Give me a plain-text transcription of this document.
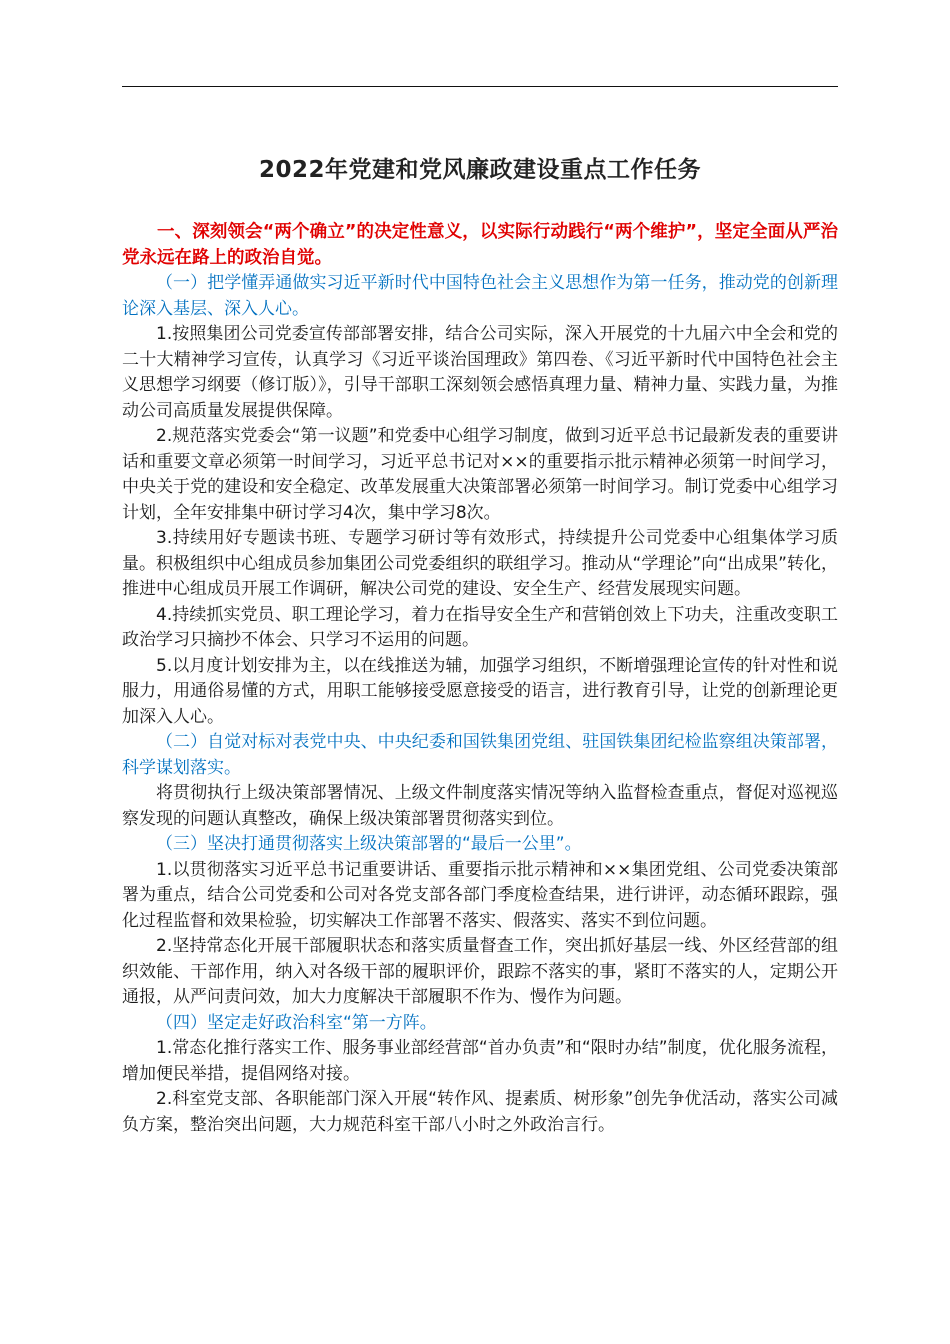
2022年党建和党风廉政建设重点工作任务

一、深刻领会“两个确立”的决定性意义，以实际行动践行“两个维护”，坚定全面从严治党永远在路上的政治自觉。

（一）把学懂弄通做实习近平新时代中国特色社会主义思想作为第一任务，推动党的创新理论深入基层、深入人心。

1.按照集团公司党委宣传部部署安排，结合公司实际，深入开展党的十九届六中全会和党的二十大精神学习宣传，认真学习《习近平谈治国理政》第四卷、《习近平新时代中国特色社会主义思想学习纲要（修订版）》，引导干部职工深刻领会感悟真理力量、精神力量、实践力量，为推动公司高质量发展提供保障。

2.规范落实党委会“第一议题”和党委中心组学习制度，做到习近平总书记最新发表的重要讲话和重要文章必须第一时间学习，习近平总书记对××的重要指示批示精神必须第一时间学习，中央关于党的建设和安全稳定、改革发展重大决策部署必须第一时间学习。制订党委中心组学习计划，全年安排集中研讨学习4次，集中学习8次。

3.持续用好专题读书班、专题学习研讨等有效形式，持续提升公司党委中心组集体学习质量。积极组织中心组成员参加集团公司党委组织的联组学习。推动从“学理论”向“出成果”转化，推进中心组成员开展工作调研，解决公司党的建设、安全生产、经营发展现实问题。

4.持续抓实党员、职工理论学习，着力在指导安全生产和营销创效上下功夫，注重改变职工政治学习只摘抄不体会、只学习不运用的问题。

5.以月度计划安排为主，以在线推送为辅，加强学习组织，不断增强理论宣传的针对性和说服力，用通俗易懂的方式，用职工能够接受愿意接受的语言，进行教育引导，让党的创新理论更加深入人心。

（二）自觉对标对表党中央、中央纪委和国铁集团党组、驻国铁集团纪检监察组决策部署，科学谋划落实。

将贯彻执行上级决策部署情况、上级文件制度落实情况等纳入监督检查重点，督促对巡视巡察发现的问题认真整改，确保上级决策部署贯彻落实到位。

（三）坚决打通贯彻落实上级决策部署的“最后一公里”。

1.以贯彻落实习近平总书记重要讲话、重要指示批示精神和××集团党组、公司党委决策部署为重点，结合公司党委和公司对各党支部各部门季度检查结果，进行讲评，动态循环跟踪，强化过程监督和效果检验，切实解决工作部署不落实、假落实、落实不到位问题。

2.坚持常态化开展干部履职状态和落实质量督查工作，突出抓好基层一线、外区经营部的组织效能、干部作用，纳入对各级干部的履职评价，跟踪不落实的事，紧盯不落实的人，定期公开通报，从严问责问效，加大力度解决干部履职不作为、慢作为问题。

（四）坚定走好政治科室“第一方阵。

1.常态化推行落实工作、服务事业部经营部“首办负责”和“限时办结”制度，优化服务流程，增加便民举措，提倡网络对接。

2.科室党支部、各职能部门深入开展“转作风、提素质、树形象”创先争优活动，落实公司减负方案，整治突出问题，大力规范科室干部八小时之外政治言行。
